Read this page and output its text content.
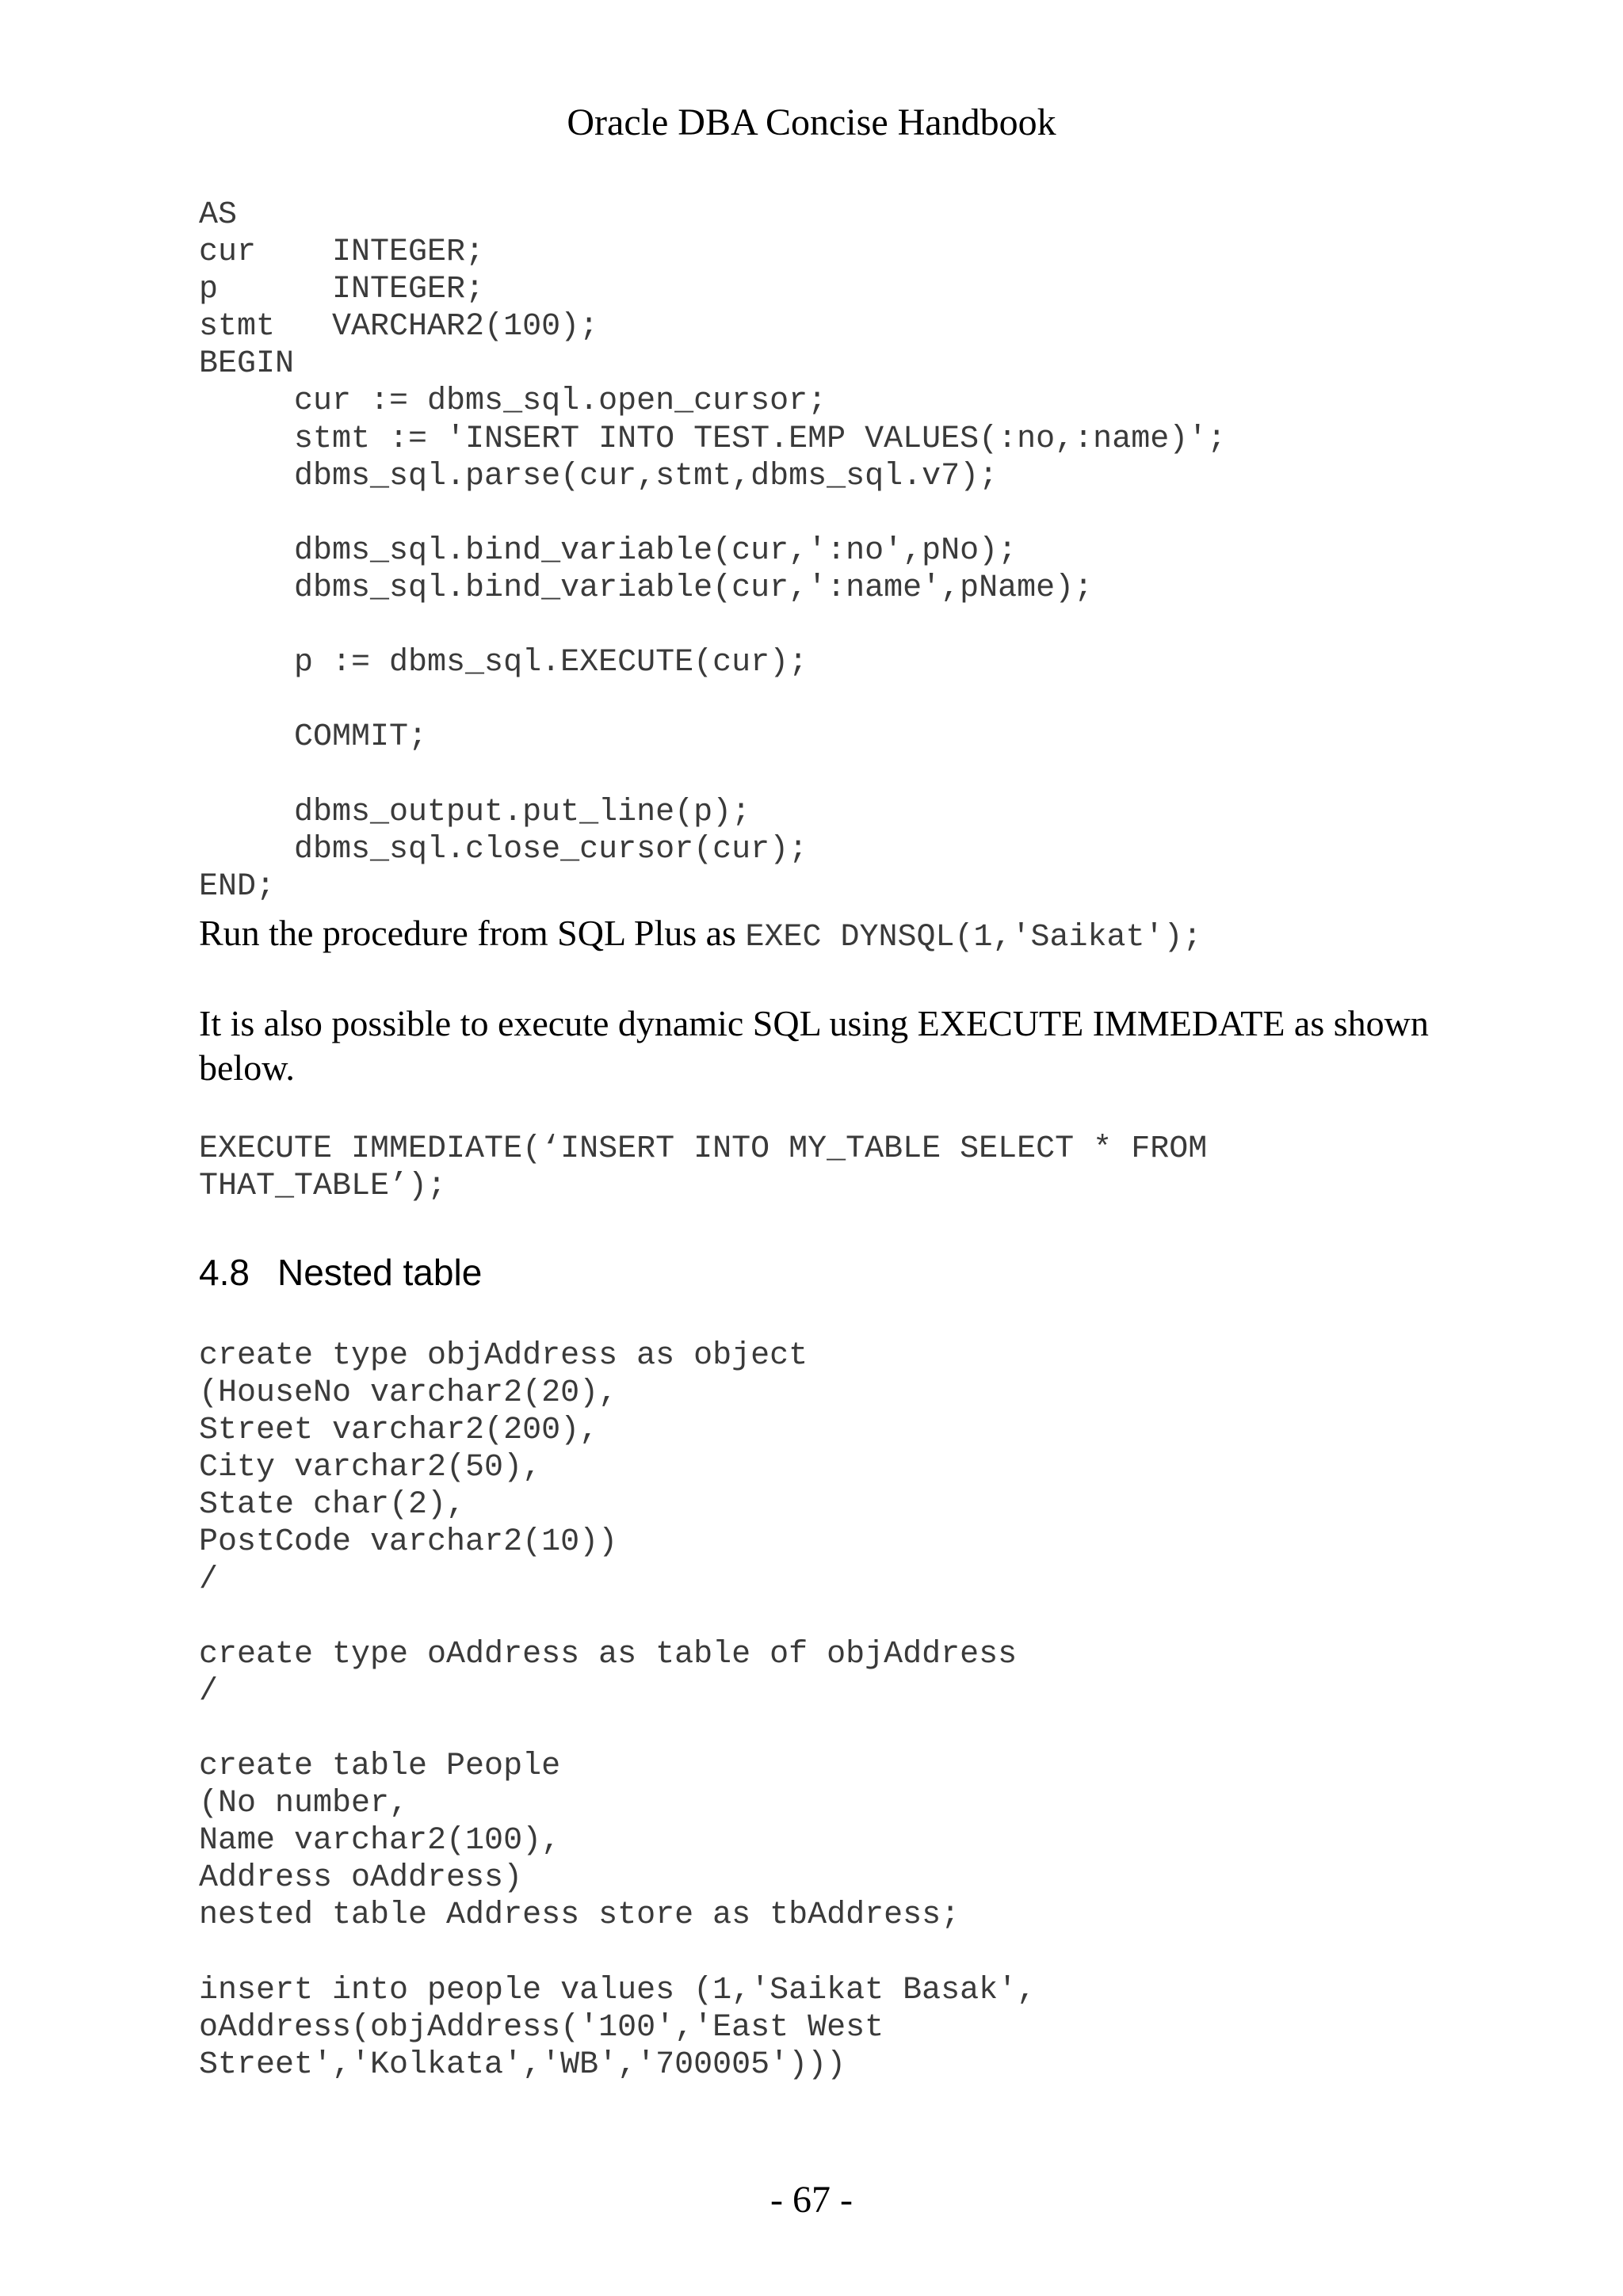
Oracle DBA Concise Handbook
AS
cur    INTEGER;
p      INTEGER;
stmt   VARCHAR2(100);
BEGIN
cur := dbms_sql.open_cursor;
stmt := 'INSERT INTO TEST.EMP VALUES(:no,:name)';
dbms_sql.parse(cur,stmt,dbms_sql.v7);

dbms_sql.bind_variable(cur,':no',pNo);
dbms_sql.bind_variable(cur,':name',pName);

p := dbms_sql.EXECUTE(cur);

COMMIT;

dbms_output.put_line(p);
dbms_sql.close_cursor(cur);
END;
Run the procedure from SQL Plus as EXEC DYNSQL(1,'Saikat');
It is also possible to execute dynamic SQL using EXECUTE IMMEDATE as shown below.
EXECUTE IMMEDIATE(‘INSERT INTO MY_TABLE SELECT * FROM
THAT_TABLE’);
4.8 Nested table
create type objAddress as object
(HouseNo varchar2(20),
Street varchar2(200),
City varchar2(50),
State char(2),
PostCode varchar2(10))
/

create type oAddress as table of objAddress
/

create table People
(No number,
Name varchar2(100),
Address oAddress)
nested table Address store as tbAddress;

insert into people values (1,'Saikat Basak',
oAddress(objAddress('100','East West
Street','Kolkata','WB','700005')))
- 67 -
